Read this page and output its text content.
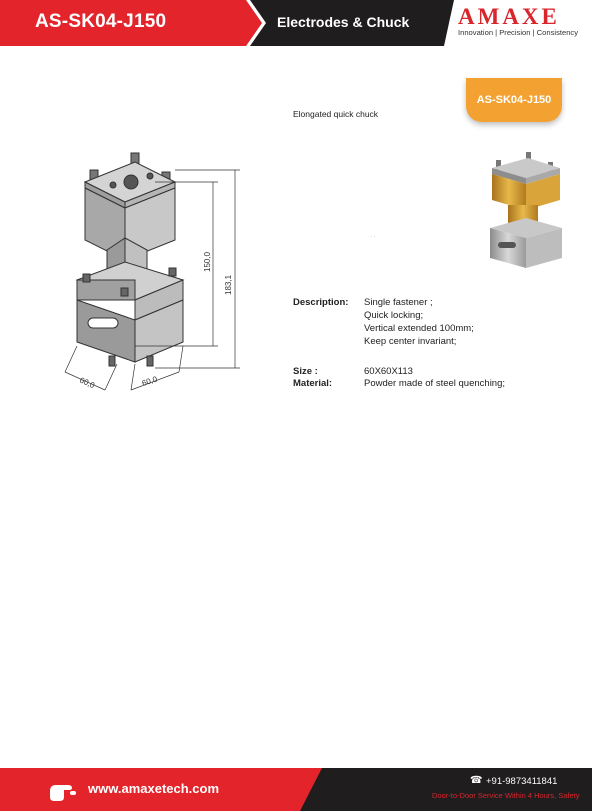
AS-SK04-J150	Electrodes & Chuck AMAXE
Innovation | Precision | Consistency
AS-SK04-J150
Elongated quick chuck
183,1
150,0
60,0	60,0
· ·
Description: Single fastener ;
Quick locking;
Vertical extended 100mm;
Keep center invariant;
Size :	60X60X113
Material:	Powder made of steel quenching;
www.amaxetech.com
☎ +91-9873411841
Door-to-Door Service Within 4 Hours, Safety
